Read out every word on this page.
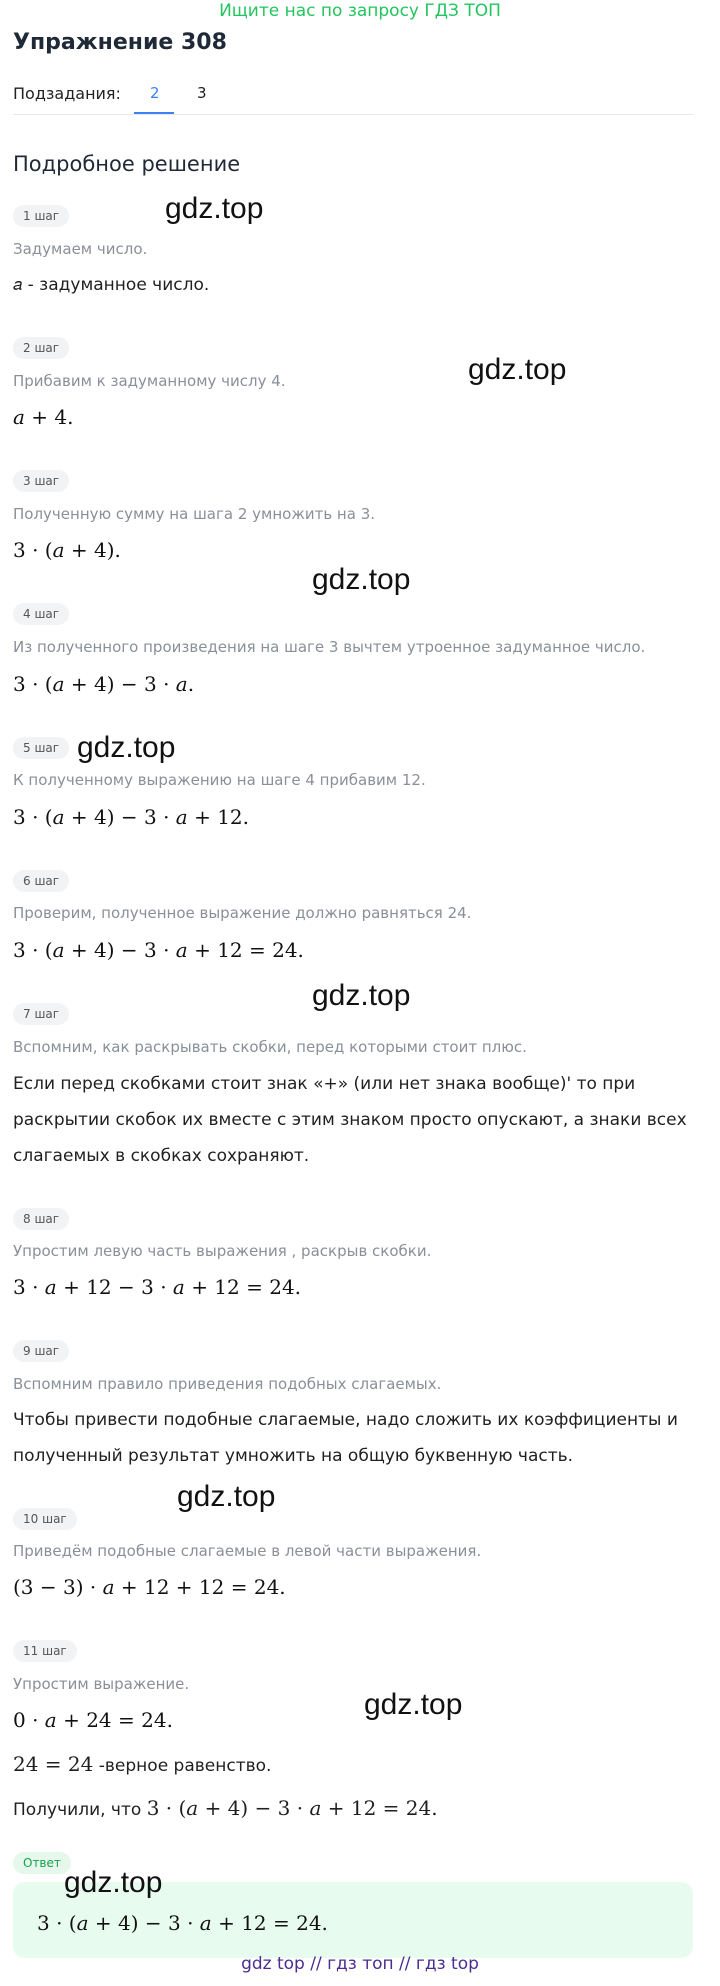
Ищите нас по запросу ГДЗ ТОП
Упражнение 308
Подзадания: 2 3
Подробное решение
1 шаг
Задумаем число.
𝑎 - задуманное число.
2 шаг
Прибавим к задуманному числу 4.
𝑎 + 4.
3 шаг
Полученную сумму на шага 2 умножить на 3.
3 · (𝑎 + 4).
4 шаг
Из полученного произведения на шаге 3 вычтем утроенное задуманное число.
3 · (𝑎 + 4) − 3 · 𝑎.
5 шаг
К полученному выражению на шаге 4 прибавим 12.
3 · (𝑎 + 4) − 3 · 𝑎 + 12.
6 шаг
Проверим, полученное выражение должно равняться 24.
3 · (𝑎 + 4) − 3 · 𝑎 + 12 = 24.
7 шаг
Вспомним, как раскрывать скобки, перед которыми стоит плюс.
Если перед скобками стоит знак «+» (или нет знака вообще)' то при
раскрытии скобок их вместе с этим знаком просто опускают, а знаки всех
слагаемых в скобках сохраняют.
8 шаг
Упростим левую часть выражения , раскрыв скобки.
3 · 𝑎 + 12 − 3 · 𝑎 + 12 = 24.
9 шаг
Вспомним правило приведения подобных слагаемых.
Чтобы привести подобные слагаемые, надо сложить их коэффициенты и
полученный результат умножить на общую буквенную часть.
10 шаг
Приведём подобные слагаемые в левой части выражения.
(3 − 3) · 𝑎 + 12 + 12 = 24.
11 шаг
Упростим выражение.
0 · 𝑎 + 24 = 24.
24 = 24 -верное равенство.
Получили, что 3 · (𝑎 + 4) − 3 · 𝑎 + 12 = 24.
Ответ
3 · (𝑎 + 4) − 3 · 𝑎 + 12 = 24.
gdz.top
gdz.top
gdz.top
gdz.top
gdz.top
gdz.top
gdz.top
gdz.top
gdz top // гдз топ // гдз top
